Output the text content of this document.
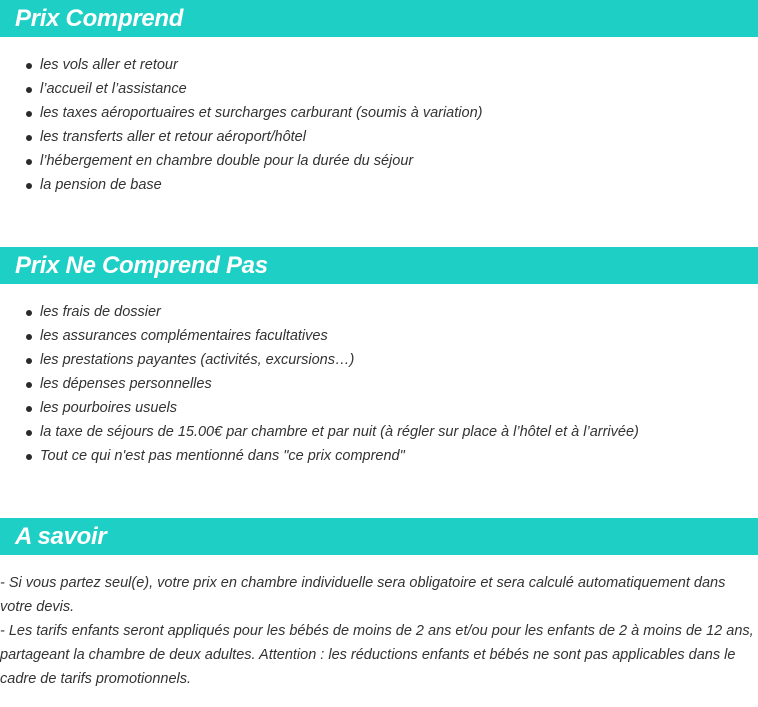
Prix Comprend
les vols aller et retour
l’accueil et l’assistance
les taxes aéroportuaires et surcharges carburant (soumis à variation)
les transferts aller et retour aéroport/hôtel
l’hébergement en chambre double pour la durée du séjour
la pension de base
Prix Ne Comprend Pas
les frais de dossier
les assurances complémentaires facultatives
les prestations payantes (activités, excursions…)
les dépenses personnelles
les pourboires usuels
la taxe de séjours de 15.00€ par chambre et par nuit (à régler sur place à l’hôtel et à l’arrivée)
Tout ce qui n'est pas mentionné dans "ce prix comprend"
A savoir

- Si vous partez seul(e), votre prix en chambre individuelle sera obligatoire et sera calculé automatiquement dans votre devis.

- Les tarifs enfants seront appliqués pour les bébés de moins de 2 ans et/ou pour les enfants de 2 à moins de 12 ans, partageant la chambre de deux adultes. Attention : les réductions enfants et bébés ne sont pas applicables dans le cadre de tarifs promotionnels.
